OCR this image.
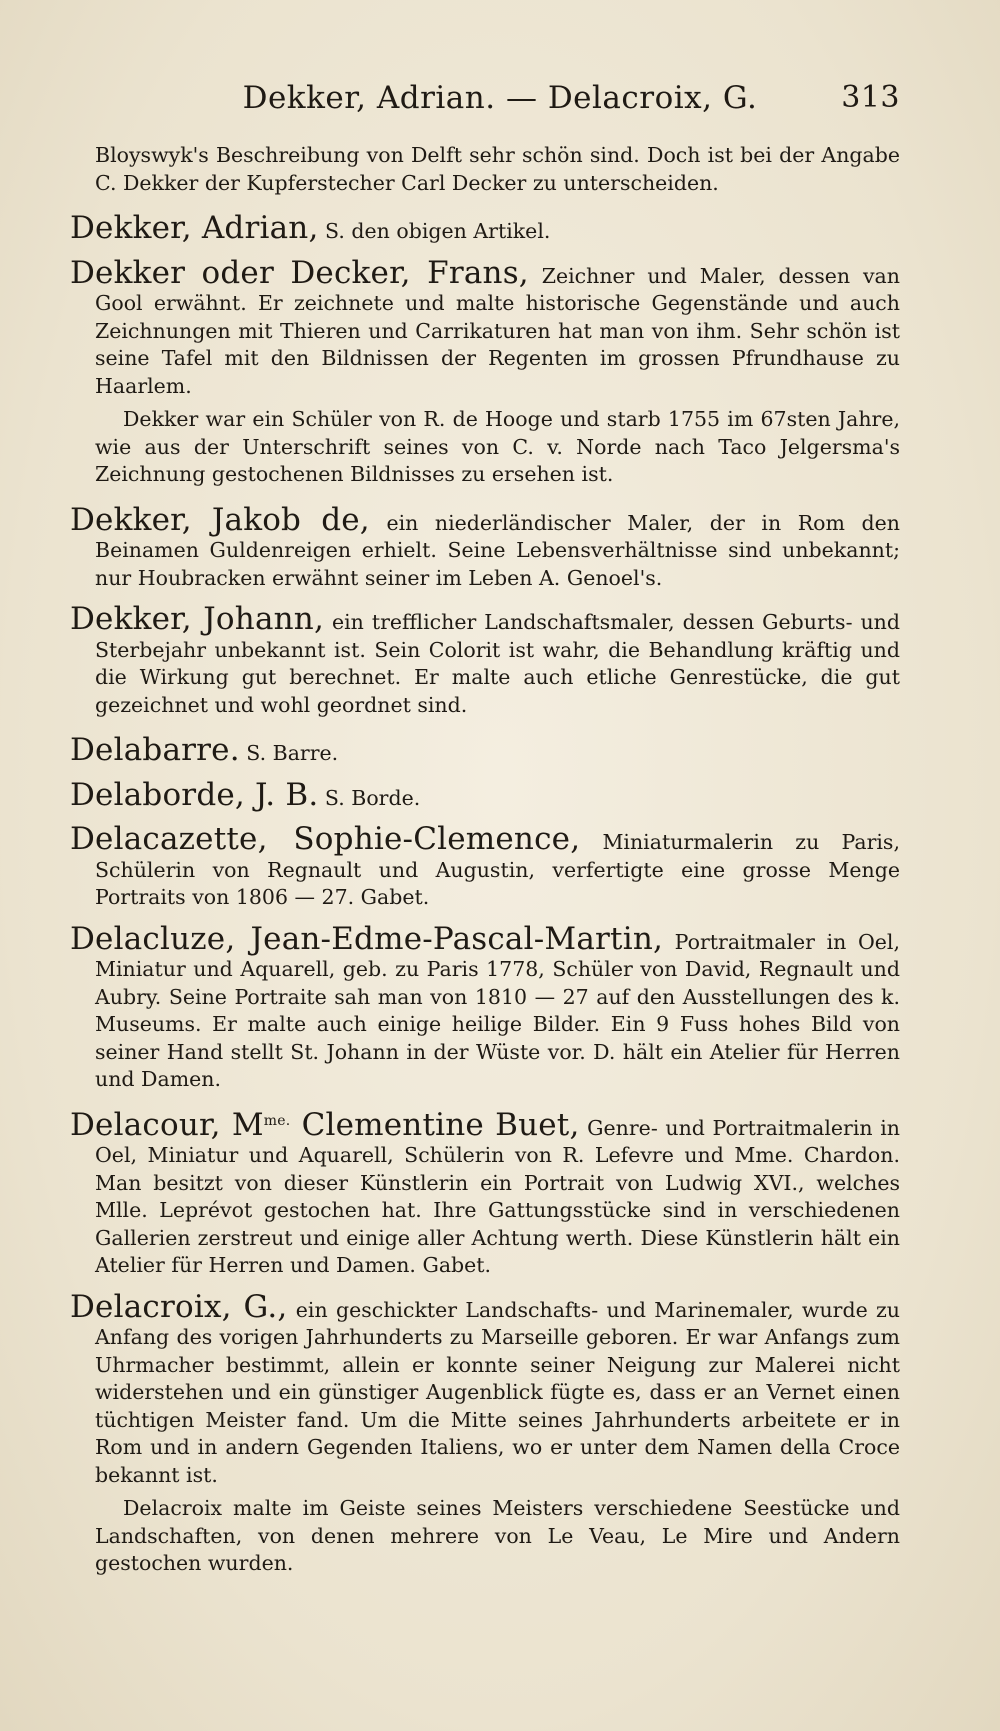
Dekker, Adrian. — Delacroix, G.	313

Bloyswyk's Beschreibung von Delft sehr schön sind. Doch ist bei der Angabe C. Dekker der Kupferstecher Carl Decker zu unterscheiden.

Dekker, Adrian, S. den obigen Artikel.

Dekker oder Decker, Frans, Zeichner und Maler, dessen van Gool erwähnt. Er zeichnete und malte historische Gegenstände und auch Zeichnungen mit Thieren und Carrikaturen hat man von ihm. Sehr schön ist seine Tafel mit den Bildnissen der Regenten im grossen Pfrundhause zu Haarlem.

Dekker war ein Schüler von R. de Hooge und starb 1755 im 67sten Jahre, wie aus der Unterschrift seines von C. v. Norde nach Taco Jelgersma's Zeichnung gestochenen Bildnisses zu ersehen ist.

Dekker, Jakob de, ein niederländischer Maler, der in Rom den Beinamen Guldenreigen erhielt. Seine Lebensverhältnisse sind unbekannt; nur Houbracken erwähnt seiner im Leben A. Genoel's.

Dekker, Johann, ein trefflicher Landschaftsmaler, dessen Geburts- und Sterbejahr unbekannt ist. Sein Colorit ist wahr, die Behandlung kräftig und die Wirkung gut berechnet. Er malte auch etliche Genrestücke, die gut gezeichnet und wohl geordnet sind.

Delabarre. S. Barre.

Delaborde, J. B. S. Borde.

Delacazette, Sophie-Clemence, Miniaturmalerin zu Paris, Schülerin von Regnault und Augustin, verfertigte eine grosse Menge Portraits von 1806 — 27. Gabet.

Delacluze, Jean-Edme-Pascal-Martin, Portraitmaler in Oel, Miniatur und Aquarell, geb. zu Paris 1778, Schüler von David, Regnault und Aubry. Seine Portraite sah man von 1810 — 27 auf den Ausstellungen des k. Museums. Er malte auch einige heilige Bilder. Ein 9 Fuss hohes Bild von seiner Hand stellt St. Johann in der Wüste vor. D. hält ein Atelier für Herren und Damen.

Delacour, $M^{me.}$ Clementine Buet, Genre- und Portraitmalerin in Oel, Miniatur und Aquarell, Schülerin von R. Lefevre und Mme. Chardon. Man besitzt von dieser Künstlerin ein Portrait von Ludwig XVI., welches Mlle. Leprévot gestochen hat. Ihre Gattungsstücke sind in verschiedenen Gallerien zerstreut und einige aller Achtung werth. Diese Künstlerin hält ein Atelier für Herren und Damen. Gabet.

Delacroix, G., ein geschickter Landschafts- und Marinemaler, wurde zu Anfang des vorigen Jahrhunderts zu Marseille geboren. Er war Anfangs zum Uhrmacher bestimmt, allein er konnte seiner Neigung zur Malerei nicht widerstehen und ein günstiger Augenblick fügte es, dass er an Vernet einen tüchtigen Meister fand. Um die Mitte seines Jahrhunderts arbeitete er in Rom und in andern Gegenden Italiens, wo er unter dem Namen della Croce bekannt ist.

Delacroix malte im Geiste seines Meisters verschiedene Seestücke und Landschaften, von denen mehrere von Le Veau, Le Mire und Andern gestochen wurden.
